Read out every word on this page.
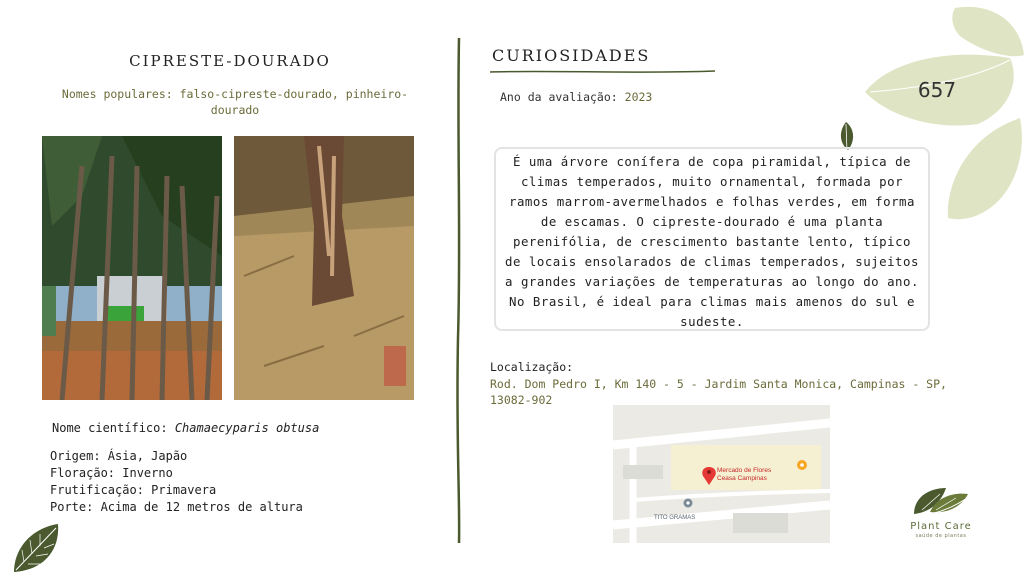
657
CIPRESTE-DOURADO
Nomes populares: falso-cipreste-dourado, pinheiro-dourado
Nome científico: Chamaecyparis obtusa
Origem: Ásia, Japão
Floração: Inverno
Frutificação: Primavera
Porte: Acima de 12 metros de altura
CURIOSIDADES
Ano da avaliação: 2023
É uma árvore conífera de copa piramidal, típica de climas temperados, muito ornamental, formada por ramos marrom-avermelhados e folhas verdes, em forma de escamas. O cipreste-dourado é uma planta perenifólia, de crescimento bastante lento, típico de locais ensolarados de climas temperados, sujeitos a grandes variações de temperaturas ao longo do ano. No Brasil, é ideal para climas mais amenos do sul e sudeste.
Localização:
Rod. Dom Pedro I, Km 140 - 5 - Jardim Santa Monica, Campinas - SP, 13082-902
Mercado de Flores
Ceasa Campinas
TITO GRAMAS
Plant Care
saúde de plantas
